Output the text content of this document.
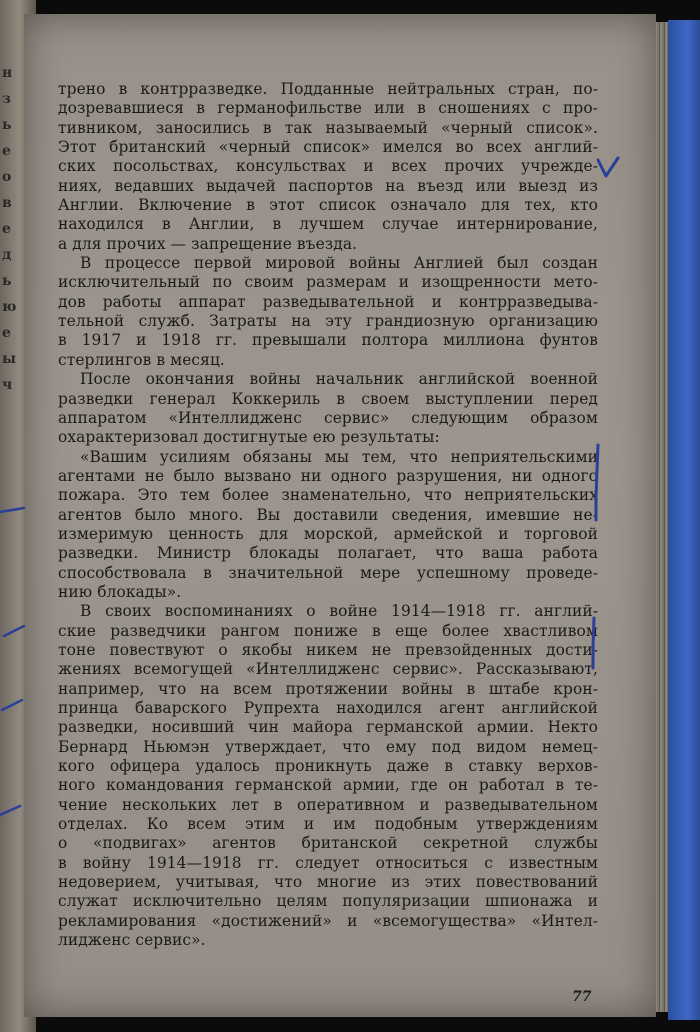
н
з
ь
е
о
в
е
д
ь
ю
е
ы
ч
трено в контрразведке. Подданные нейтральных стран, по-
дозревавшиеся в германофильстве или в сношениях с про-
тивником, заносились в так называемый «черный список».
Этот британский «черный список» имелся во всех англий-
ских посольствах, консульствах и всех прочих учрежде-
ниях, ведавших выдачей паспортов на въезд или выезд из
Англии. Включение в этот список означало для тех, кто
находился в Англии, в лучшем случае интернирование,
а для прочих — запрещение въезда.
В процессе первой мировой войны Англией был создан
исключительный по своим размерам и изощренности мето-
дов работы аппарат разведывательной и контрразведыва-
тельной служб. Затраты на эту грандиозную организацию
в 1917 и 1918 гг. превышали полтора миллиона фунтов
стерлингов в месяц.
После окончания войны начальник английской военной
разведки генерал Коккериль в своем выступлении перед
аппаратом «Интеллидженс сервис» следующим образом
охарактеризовал достигнутые ею результаты:
«Вашим усилиям обязаны мы тем, что неприятельскими
агентами не было вызвано ни одного разрушения, ни одного
пожара. Это тем более знаменательно, что неприятельских
агентов было много. Вы доставили сведения, имевшие не-
измеримую ценность для морской, армейской и торговой
разведки. Министр блокады полагает, что ваша работа
способствовала в значительной мере успешному проведе-
нию блокады».
В своих воспоминаниях о войне 1914—1918 гг. англий-
ские разведчики рангом пониже в еще более хвастливом
тоне повествуют о якобы никем не превзойденных дости-
жениях всемогущей «Интеллидженс сервис». Рассказывают,
например, что на всем протяжении войны в штабе крон-
принца баварского Рупрехта находился агент английской
разведки, носивший чин майора германской армии. Некто
Бернард Ньюмэн утверждает, что ему под видом немец-
кого офицера удалось проникнуть даже в ставку верхов-
ного командования германской армии, где он работал в те-
чение нескольких лет в оперативном и разведывательном
отделах. Ко всем этим и им подобным утверждениям
о «подвигах» агентов британской секретной службы
в войну 1914—1918 гг. следует относиться с известным
недоверием, учитывая, что многие из этих повествований
служат исключительно целям популяризации шпионажа и
рекламирования «достижений» и «всемогущества» «Интел-
лидженс сервис».
77
